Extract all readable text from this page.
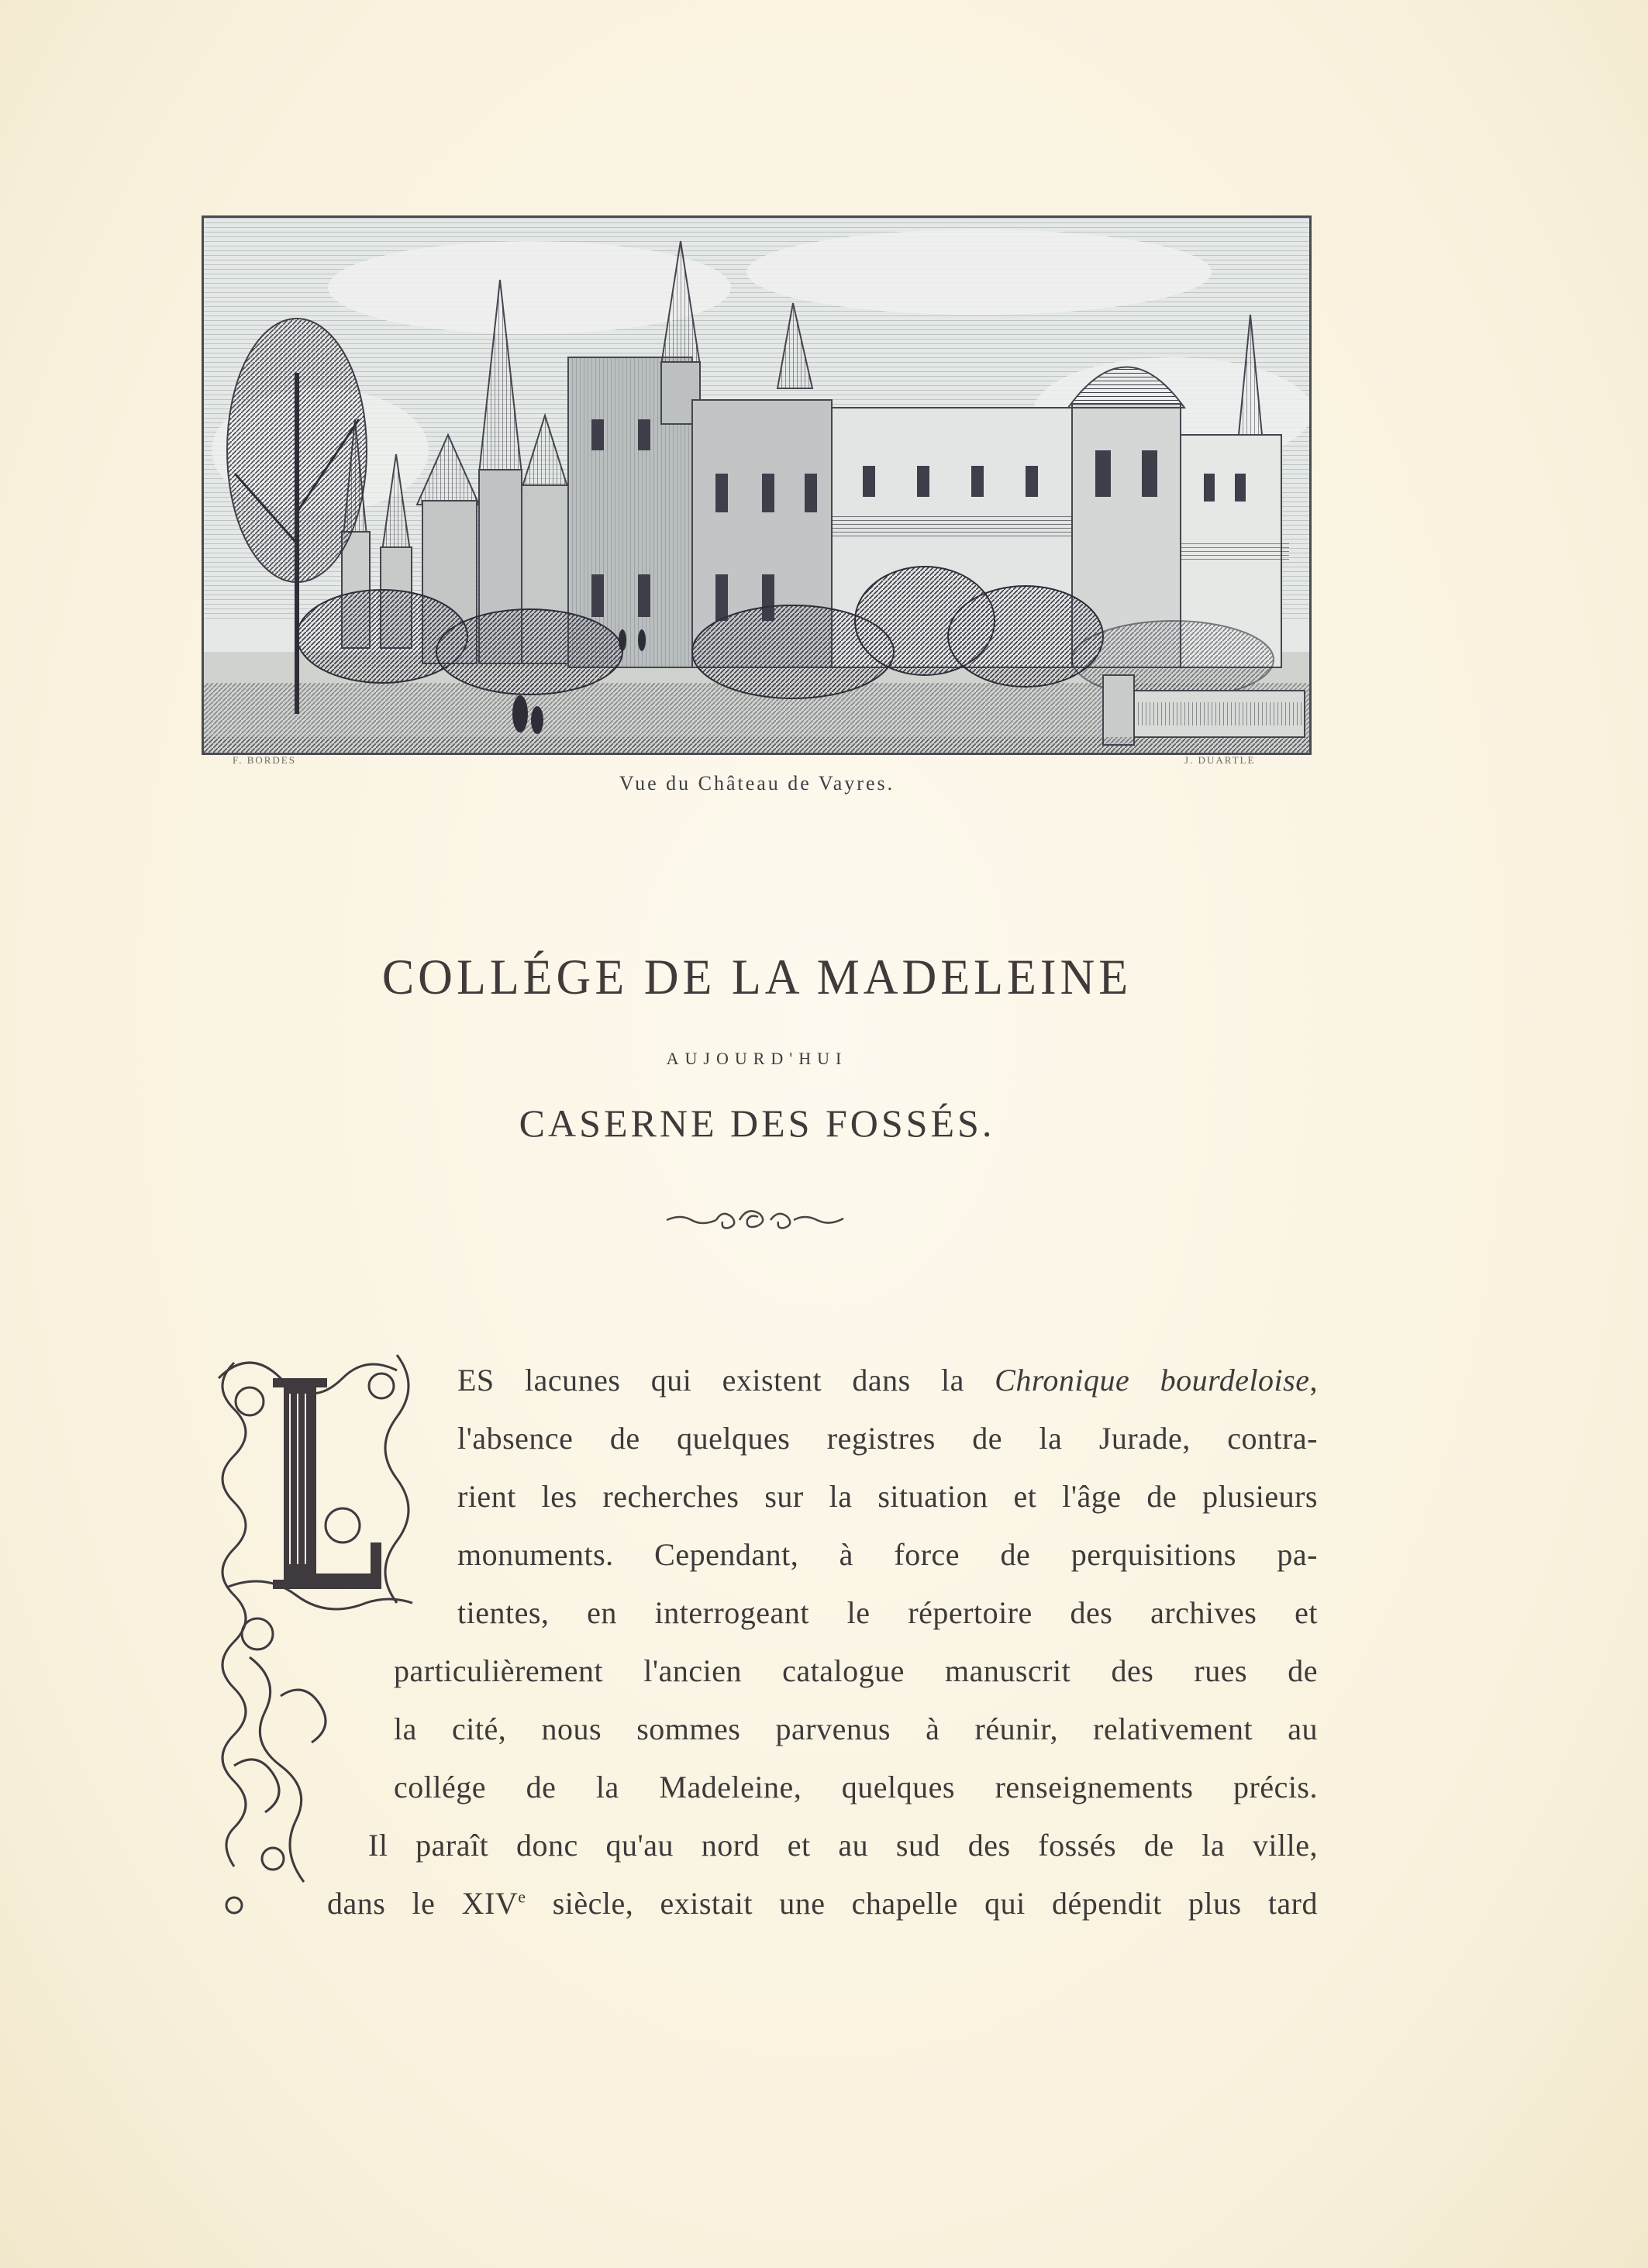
F. BORDES	J. DUARTLE
Vue du Château de Vayres.
COLLÉGE DE LA MADELEINE
AUJOURD'HUI
CASERNE DES FOSSÉS.
ES lacunes qui existent dans la Chronique bourdeloise,
l'absence de quelques registres de la Jurade, contra-
rient les recherches sur la situation et l'âge de plusieurs
monuments. Cependant, à force de perquisitions pa-
tientes, en interrogeant le répertoire des archives et
particulièrement l'ancien catalogue manuscrit des rues de
la cité, nous sommes parvenus à réunir, relativement au
collége de la Madeleine, quelques renseignements précis.
Il paraît donc qu'au nord et au sud des fossés de la ville,
dans le XIVe siècle, existait une chapelle qui dépendit plus tard
